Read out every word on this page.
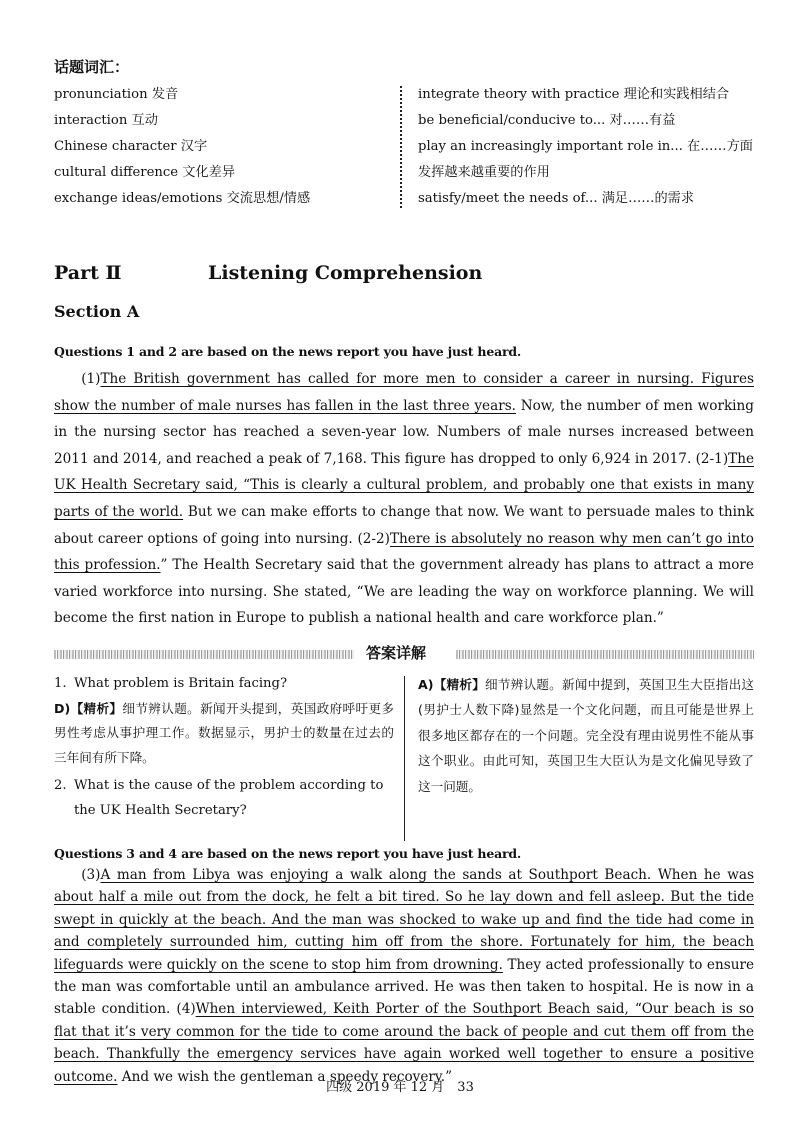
话题词汇：
pronunciation 发音
interaction 互动
Chinese character 汉字
cultural difference 文化差异
exchange ideas/emotions 交流思想/情感
integrate theory with practice 理论和实践相结合
be beneficial/conducive to... 对……有益
play an increasingly important role in... 在……方面
发挥越来越重要的作用
satisfy/meet the needs of... 满足……的需求
Part Ⅱ	Listening Comprehension
Section A
Questions 1 and 2 are based on the news report you have just heard.
(1)The British government has called for more men to consider a career in nursing. Figures show the number of male nurses has fallen in the last three years. Now, the number of men working in the nursing sector has reached a seven-year low. Numbers of male nurses increased between 2011 and 2014, and reached a peak of 7,168. This figure has dropped to only 6,924 in 2017. (2-1)The UK Health Secretary said, “This is clearly a cultural problem, and probably one that exists in many parts of the world. But we can make efforts to change that now. We want to persuade males to think about career options of going into nursing. (2-2)There is absolutely no reason why men can’t go into this profession.” The Health Secretary said that the government already has plans to attract a more varied workforce into nursing. She stated, “We are leading the way on workforce planning. We will become the first nation in Europe to publish a national health and care workforce plan.”
答案详解
1. What problem is Britain facing?
D)【精析】细节辨认题。新闻开头提到，英国政府呼吁更多男性考虑从事护理工作。数据显示，男护士的数量在过去的三年间有所下降。
2. What is the cause of the problem according to the UK Health Secretary?
A)【精析】细节辨认题。新闻中提到，英国卫生大臣指出这(男护士人数下降)显然是一个文化问题，而且可能是世界上很多地区都存在的一个问题。完全没有理由说男性不能从事这个职业。由此可知，英国卫生大臣认为是文化偏见导致了这一问题。
Questions 3 and 4 are based on the news report you have just heard.
(3)A man from Libya was enjoying a walk along the sands at Southport Beach. When he was about half a mile out from the dock, he felt a bit tired. So he lay down and fell asleep. But the tide swept in quickly at the beach. And the man was shocked to wake up and find the tide had come in and completely surrounded him, cutting him off from the shore. Fortunately for him, the beach lifeguards were quickly on the scene to stop him from drowning. They acted professionally to ensure the man was comfortable until an ambulance arrived. He was then taken to hospital. He is now in a stable condition. (4)When interviewed, Keith Porter of the Southport Beach said, “Our beach is so flat that it’s very common for the tide to come around the back of people and cut them off from the beach. Thankfully the emergency services have again worked well together to ensure a positive outcome. And we wish the gentleman a speedy recovery.”
四级 2019 年 12 月　33
